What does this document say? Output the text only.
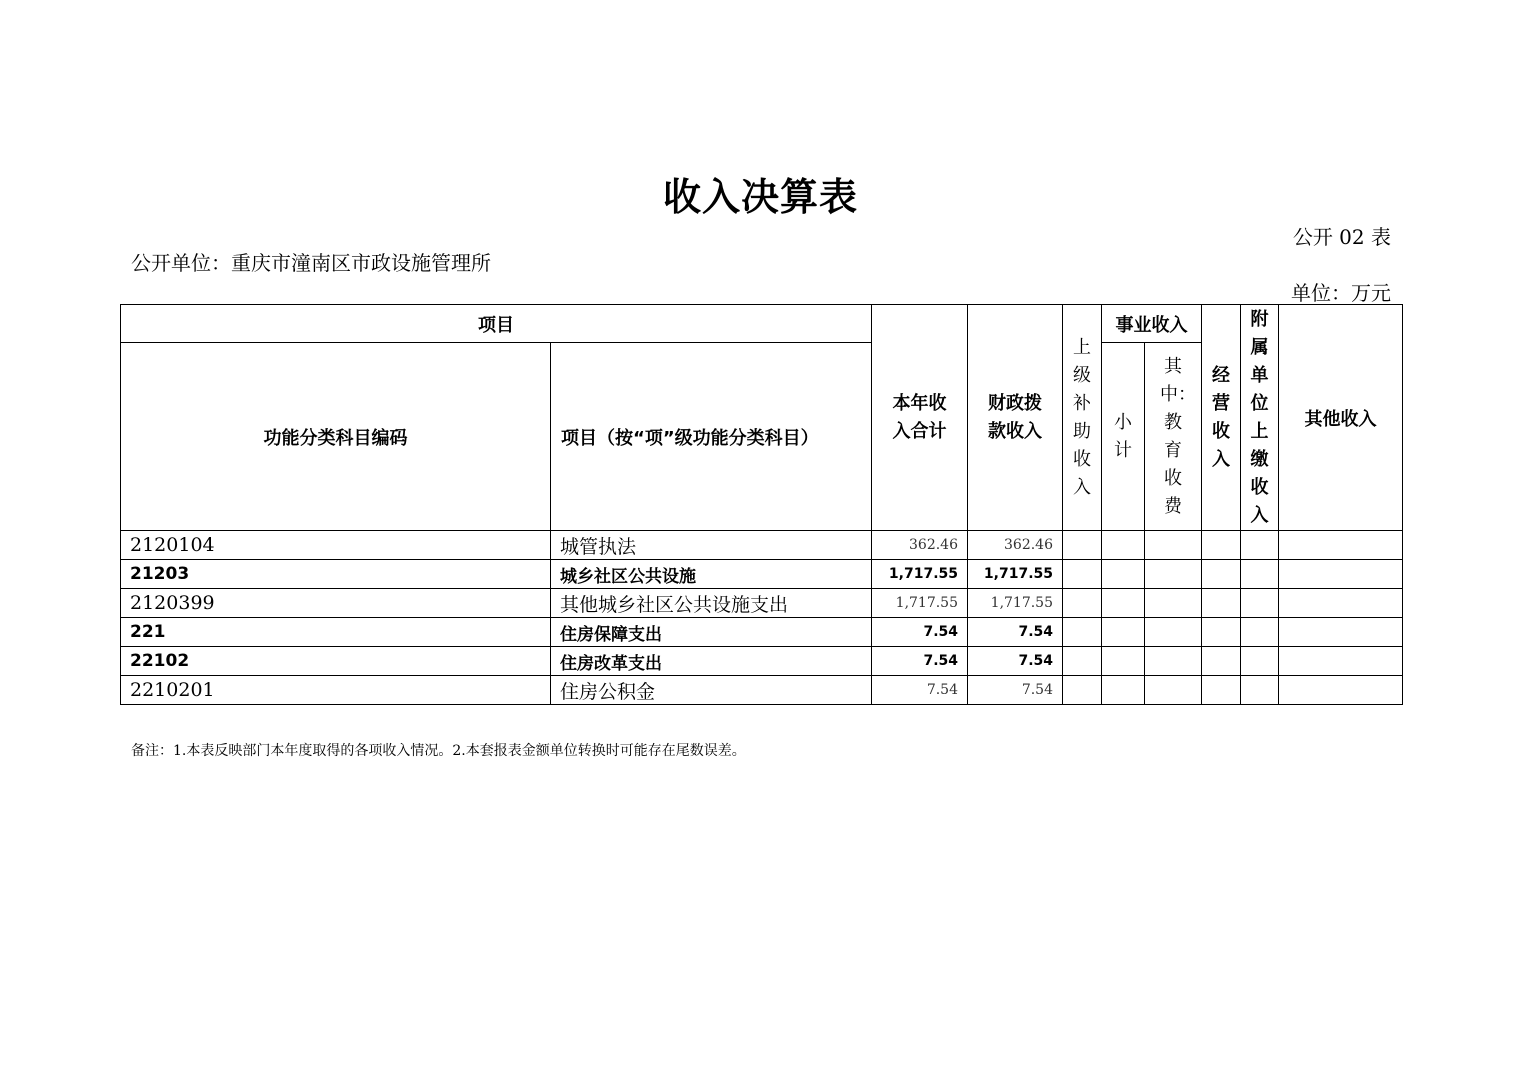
收入决算表
公开 02 表
公开单位：重庆市潼南区市政设施管理所
单位：万元
项目		本年收入合计	财政拨款收入	上级补助收入	事业收入		经营收入	附属单位上缴收入	其他收入
功能分类科目编码	项目（按“项”级功能分类科目）				小计	其中：教育收费			
2120104	城管执法	362.46	362.46						
21203	城乡社区公共设施	1,717.55	1,717.55						
2120399	其他城乡社区公共设施支出	1,717.55	1,717.55						
221	住房保障支出	7.54	7.54						
22102	住房改革支出	7.54	7.54						
2210201	住房公积金	7.54	7.54						
备注：1.本表反映部门本年度取得的各项收入情况。2.本套报表金额单位转换时可能存在尾数误差。
